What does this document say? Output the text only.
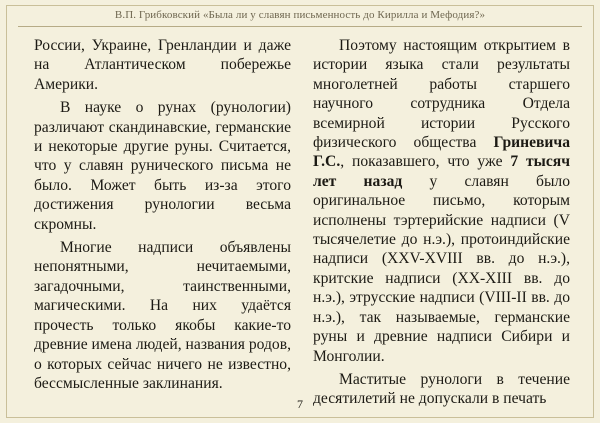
В.П. Грибковский «Была ли у славян письменность до Кирилла и Мефодия?»

России, Украине, Гренландии и даже на Атлантическом побережье Америки.

В науке о рунах (рунологии) различают скандинавские, германские и некоторые другие руны. Считается, что у славян рунического письма не было. Может быть из-за этого достижения рунологии весьма скромны.

Многие надписи объявлены непонятными, нечитаемыми, загадочными, таинственными, магическими. На них удаётся прочесть только якобы какие-то древние имена людей, названия родов, о которых сейчас ничего не известно, бессмысленные заклинания.

Поэтому настоящим открытием в истории языка стали результаты многолетней работы старшего научного сотрудника Отдела всемирной истории Русского физического общества Гриневича Г.С., показавшего, что уже 7 тысяч лет назад у славян было оригинальное письмо, которым исполнены тэртерийские надписи (V тысячелетие до н.э.), протоиндийские надписи (XXV-XVIII вв. до н.э.), критские надписи (XX-XIII вв. до н.э.), этрусские надписи (VIII-II вв. до н.э.), так называемые, германские руны и древние надписи Сибири и Монголии.

Маститые рунологи в течение десятилетий не допускали в печать

7
